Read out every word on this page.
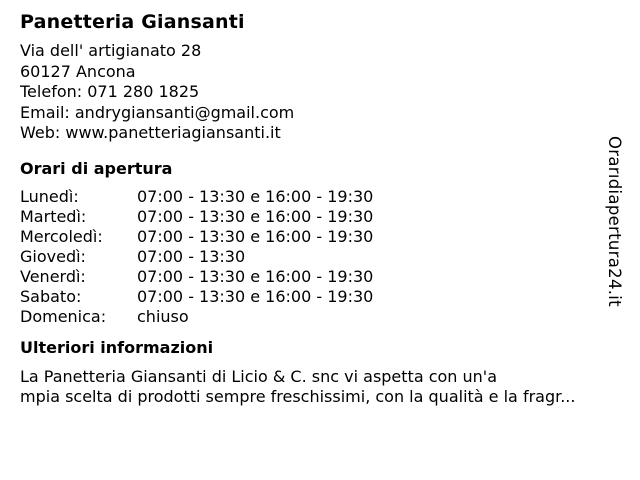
Panetteria Giansanti
Via dell' artigianato 28
60127 Ancona
Telefon: 071 280 1825
Email: andrygiansanti@gmail.com
Web: www.panetteriagiansanti.it
Orari di apertura
Lunedì:	07:00 - 13:30 e 16:00 - 19:30
Martedì:	07:00 - 13:30 e 16:00 - 19:30
Mercoledì:	07:00 - 13:30 e 16:00 - 19:30
Giovedì:	07:00 - 13:30
Venerdì:	07:00 - 13:30 e 16:00 - 19:30
Sabato:	07:00 - 13:30 e 16:00 - 19:30
Domenica:	chiuso
Ulteriori informazioni
La Panetteria Giansanti di Licio & C. snc vi aspetta con un'a
mpia scelta di prodotti sempre freschissimi, con la qualità e la fragr...
Orarıdiapertura24.it
